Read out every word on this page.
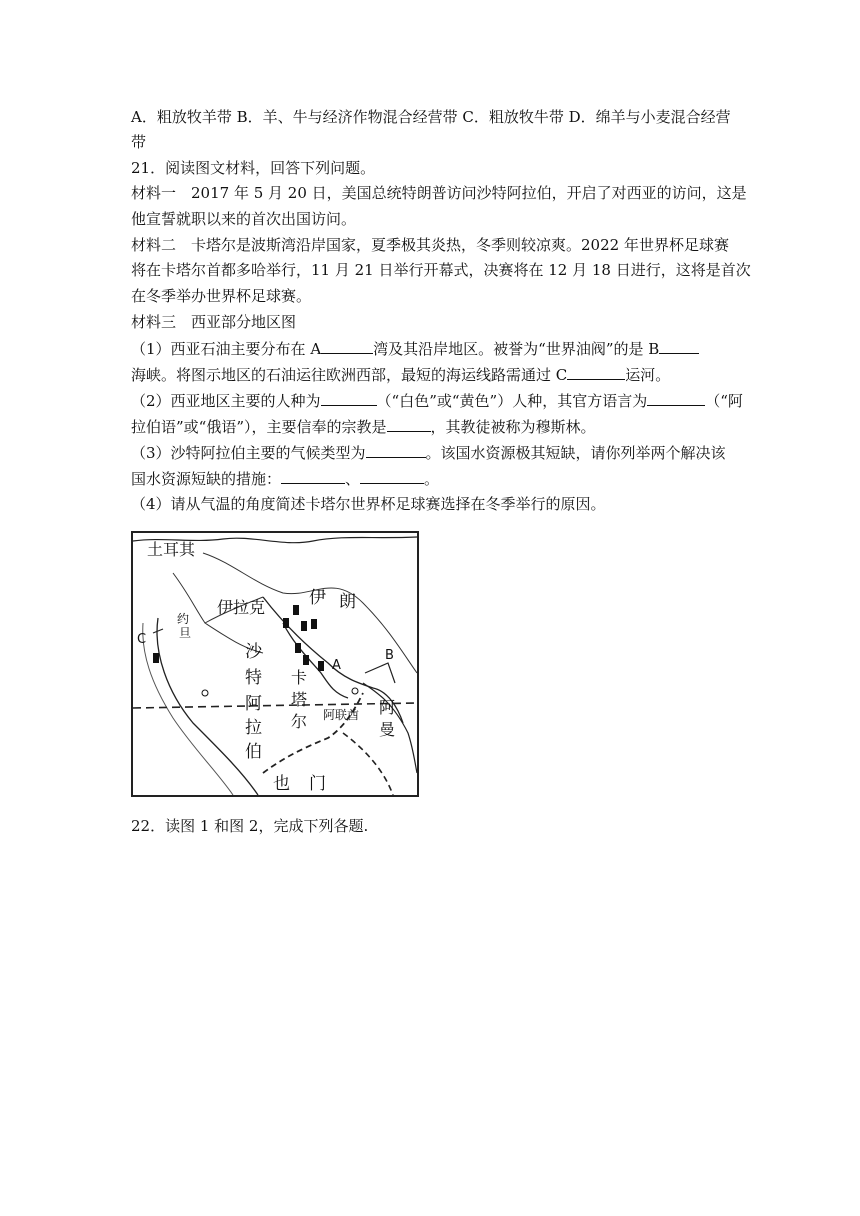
A．粗放牧羊带 B．羊、牛与经济作物混合经营带 C．粗放牧牛带 D．绵羊与小麦混合经营
带
21．阅读图文材料，回答下列问题。
材料一　2017 年 5 月 20 日，美国总统特朗普访问沙特阿拉伯，开启了对西亚的访问，这是
他宣誓就职以来的首次出国访问。
材料二　卡塔尔是波斯湾沿岸国家，夏季极其炎热，冬季则较凉爽。2022 年世界杯足球赛
将在卡塔尔首都多哈举行，11 月 21 日举行开幕式，决赛将在 12 月 18 日进行，这将是首次
在冬季举办世界杯足球赛。
材料三　西亚部分地区图
（1）西亚石油主要分布在 A	湾及其沿岸地区。被誉为“世界油阀”的是 B
海峡。将图示地区的石油运往欧洲西部，最短的海运线路需通过 C	运河。
（2）西亚地区主要的人种为	（“白色”或“黄色”）人种，其官方语言为	（“阿
拉伯语”或“俄语”），主要信奉的宗教是	，其教徒被称为穆斯林。
（3）沙特阿拉伯主要的气候类型为	。该国水资源极其短缺，请你列举两个解决该
国水资源短缺的措施：	、	。
（4）请从气温的角度简述卡塔尔世界杯足球赛选择在冬季举行的原因。
土耳其
伊拉克	伊 朗
约
旦
沙
特
阿
拉
伯
卡
塔
尔 阿联酋 阿
曼
也 门
A
B
C
22．读图 1 和图 2，完成下列各题.
